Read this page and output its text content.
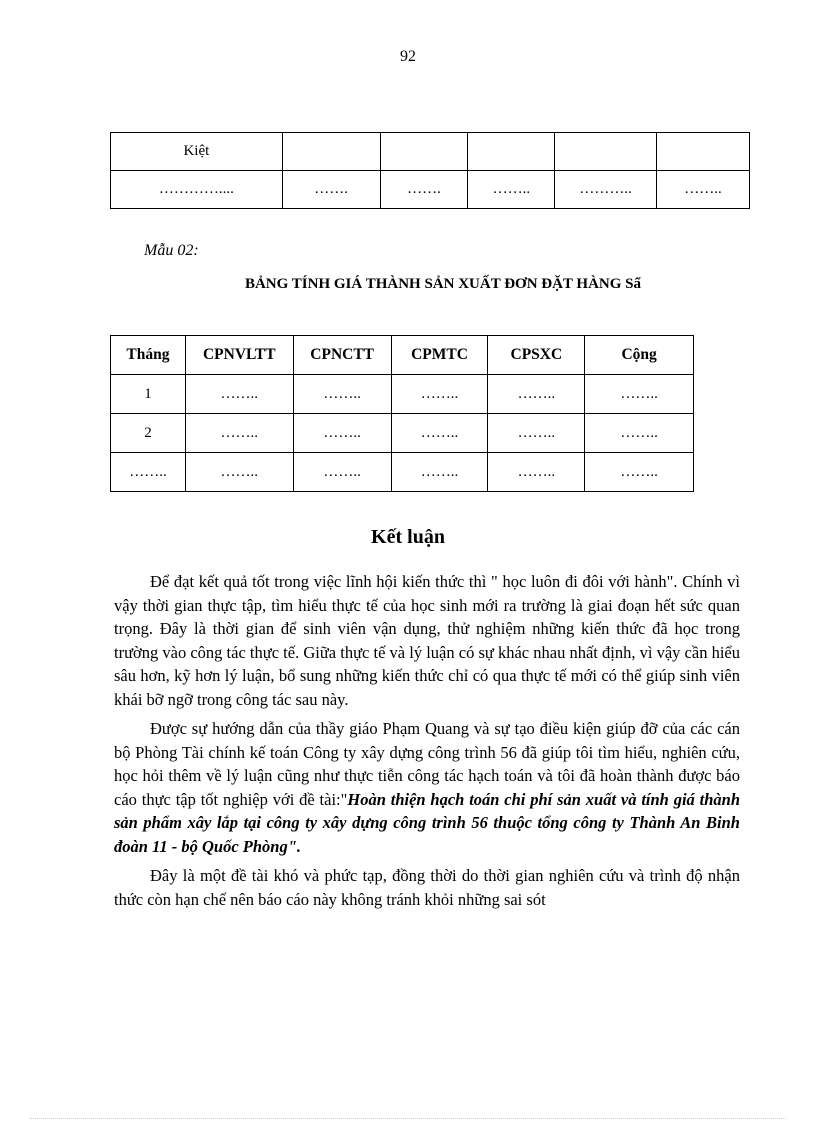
92
Kiệt					
…………....	…….	…….	……..	………..	……..
Mẫu 02:
BẢNG TÍNH GIÁ THÀNH SẢN XUẤT ĐƠN ĐẶT HÀNG Sẩ
Tháng	CPNVLTT	CPNCTT	CPMTC	CPSXC	Cộng
1	……..	……..	……..	……..	……..
2	……..	……..	……..	……..	……..
……..	……..	……..	……..	……..	……..
Kết luận

Để đạt kết quả tốt trong việc lĩnh hội kiến thức thì " học luôn đi đôi với hành". Chính vì vậy thời gian thực tập, tìm hiểu thực tế của học sinh mới ra trường là giai đoạn hết sức quan trọng. Đây là thời gian để sinh viên vận dụng, thử nghiệm những kiến thức đã học trong trường vào công tác thực tế. Giữa thực tế và lý luận có sự khác nhau nhất định, vì vậy cần hiểu sâu hơn, kỹ hơn lý luận, bổ sung những kiến thức chỉ có qua thực tế mới có thể giúp sinh viên khái bỡ ngỡ trong công tác sau này.

Được sự hướng dẫn của thầy giáo Phạm Quang và sự tạo điều kiện giúp đỡ của các cán bộ Phòng Tài chính kế toán Công ty xây dựng công trình 56 đã giúp tôi tìm hiểu, nghiên cứu, học hỏi thêm về lý luận cũng như thực tiễn công tác hạch toán và tôi đã hoàn thành được báo cáo thực tập tốt nghiệp với đề tài:"Hoàn thiện hạch toán chi phí sản xuất và tính giá thành sản phẩm xây lắp tại công ty xây dựng công trình 56 thuộc tổng công ty Thành An Binh đoàn 11 - bộ Quốc Phòng".

Đây là một đề tài khó và phức tạp, đồng thời do thời gian nghiên cứu và trình độ nhận thức còn hạn chế nên báo cáo này không tránh khỏi những sai sót
